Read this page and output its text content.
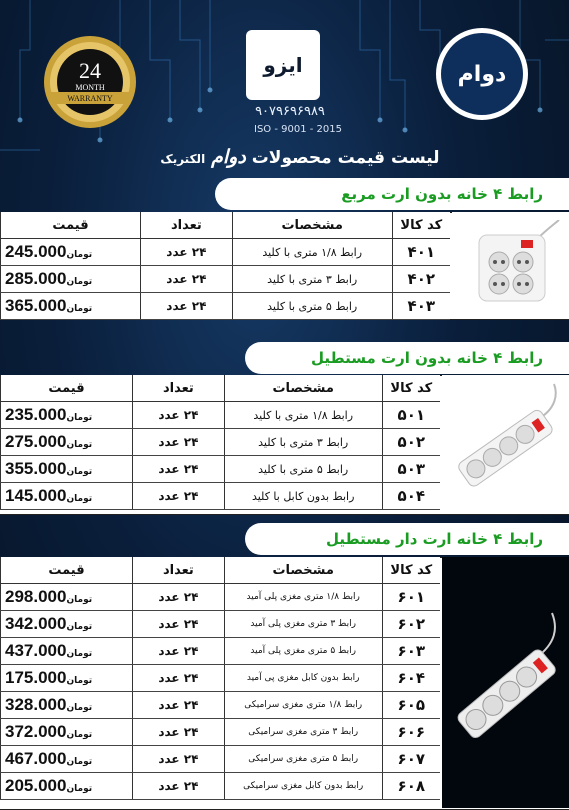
24
MONTH
WARRANTY
ایزو
۹۰۷۹۶۹۶۹۸۹
ISO - 9001 - 2015
دوام
لیست قیمت محصولات دوام الکتریک
رابط ۴ خانه بدون ارت مربع
کد کالا	مشخصات	تعداد	قیمت
۴۰۱	رابط ۱/۸ متری با کلید	۲۴ عدد	تومان245.000
۴۰۲	رابط ۳ متری با کلید	۲۴ عدد	تومان285.000
۴۰۳	رابط ۵ متری با کلید	۲۴ عدد	تومان365.000
رابط ۴ خانه بدون ارت مستطیل
کد کالا	مشخصات	تعداد	قیمت
۵۰۱	رابط ۱/۸ متری با کلید	۲۴ عدد	تومان235.000
۵۰۲	رابط ۳ متری با کلید	۲۴ عدد	تومان275.000
۵۰۳	رابط ۵ متری با کلید	۲۴ عدد	تومان355.000
۵۰۴	رابط بدون کابل با کلید	۲۴ عدد	تومان145.000
رابط ۴ خانه ارت دار مستطیل
کد کالا	مشخصات	تعداد	قیمت
۶۰۱	رابط ۱/۸ متری مغزی پلی آمید	۲۴ عدد	تومان298.000
۶۰۲	رابط ۳ متری مغزی پلی آمید	۲۴ عدد	تومان342.000
۶۰۳	رابط ۵ متری مغزی پلی آمید	۲۴ عدد	تومان437.000
۶۰۴	رابط بدون کابل مغزی پی آمید	۲۴ عدد	تومان175.000
۶۰۵	رابط ۱/۸ متری مغزی سرامیکی	۲۴ عدد	تومان328.000
۶۰۶	رابط ۳ متری مغزی سرامیکی	۲۴ عدد	تومان372.000
۶۰۷	رابط ۵ متری مغزی سرامیکی	۲۴ عدد	تومان467.000
۶۰۸	رابط بدون کابل مغزی سرامیکی	۲۴ عدد	تومان205.000
